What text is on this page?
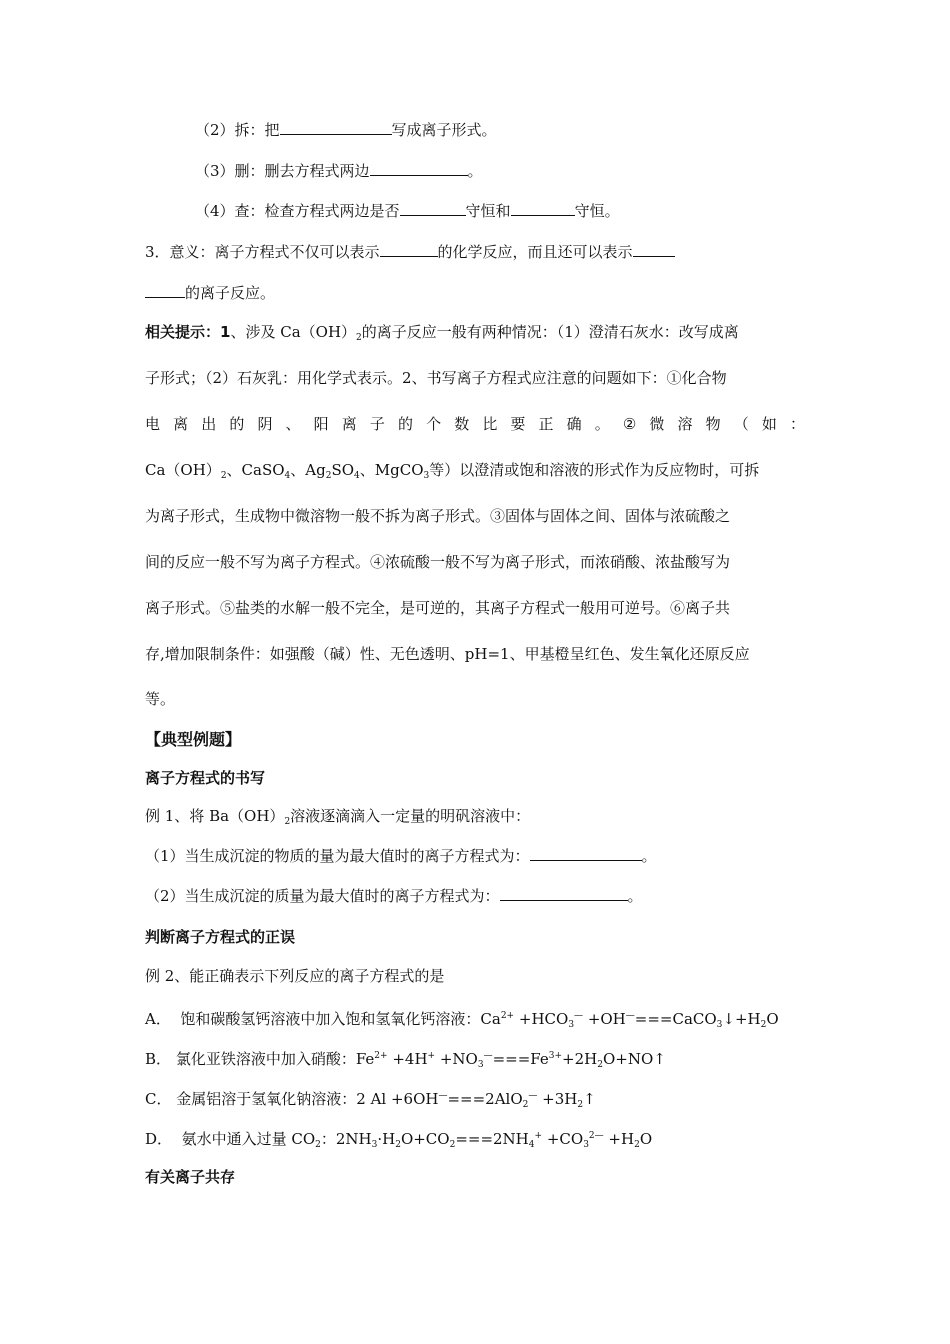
（2）拆：把	写成离子形式。
（3）删：删去方程式两边	。
（4）查：检查方程式两边是否	守恒和	守恒。
3．意义：离子方程式不仅可以表示	的化学反应，而且还可以表示
的离子反应。
相关提示：1、涉及 $Ca(OH)_2$的离子反应一般有两种情况：（1）澄清石灰水：改写成离
子形式；（2）石灰乳：用化学式表示。2、书写离子方程式应注意的问题如下：①化合物
电 离 出 的 阴 、 阳 离 子 的 个 数 比 要 正 确 。 ② 微 溶 物 （ 如 ：
$Ca(OH)_2$、CaSO$_4$、$Ag_2SO_4$、MgCO$_3$等）以澄清或饱和溶液的形式作为反应物时，可拆
为离子形式，生成物中微溶物一般不拆为离子形式。③固体与固体之间、固体与浓硫酸之
间的反应一般不写为离子方程式。④浓硫酸一般不写为离子形式，而浓硝酸、浓盐酸写为
离子形式。⑤盐类的水解一般不完全，是可逆的，其离子方程式一般用可逆号。⑥离子共
存,增加限制条件：如强酸（碱）性、无色透明、pH=1、甲基橙呈红色、发生氧化还原反应
等。
【典型例题】
离子方程式的书写
例 1、将 $Ba(OH)_2$溶液逐滴滴入一定量的明矾溶液中：
（1）当生成沉淀的物质的量为最大值时的离子方程式为：	。
（2）当生成沉淀的质量为最大值时的离子方程式为：	。
判断离子方程式的正误
例 2、能正确表示下列反应的离子方程式的是
A． 饱和碳酸氢钙溶液中加入饱和氢氧化钙溶液：$Ca^{2+} +HCO_3^—$ $+OH^—===CaCO_3↓+H_2O$
B． 氯化亚铁溶液中加入硝酸：$Fe^{2+} +4H^+$ $+NO_3^—===Fe^{3+}+2H_2O+NO↑$
C． 金属铝溶于氢氧化钠溶液：2 $Al +6OH^—===2AlO_2^— +3H_2↑$
D． 氨水中通入过量 $CO_2$：$2NH_3\cdot H_2O+CO_2===2NH_4^+ +CO_3^{2—} +H_2O$
有关离子共存
